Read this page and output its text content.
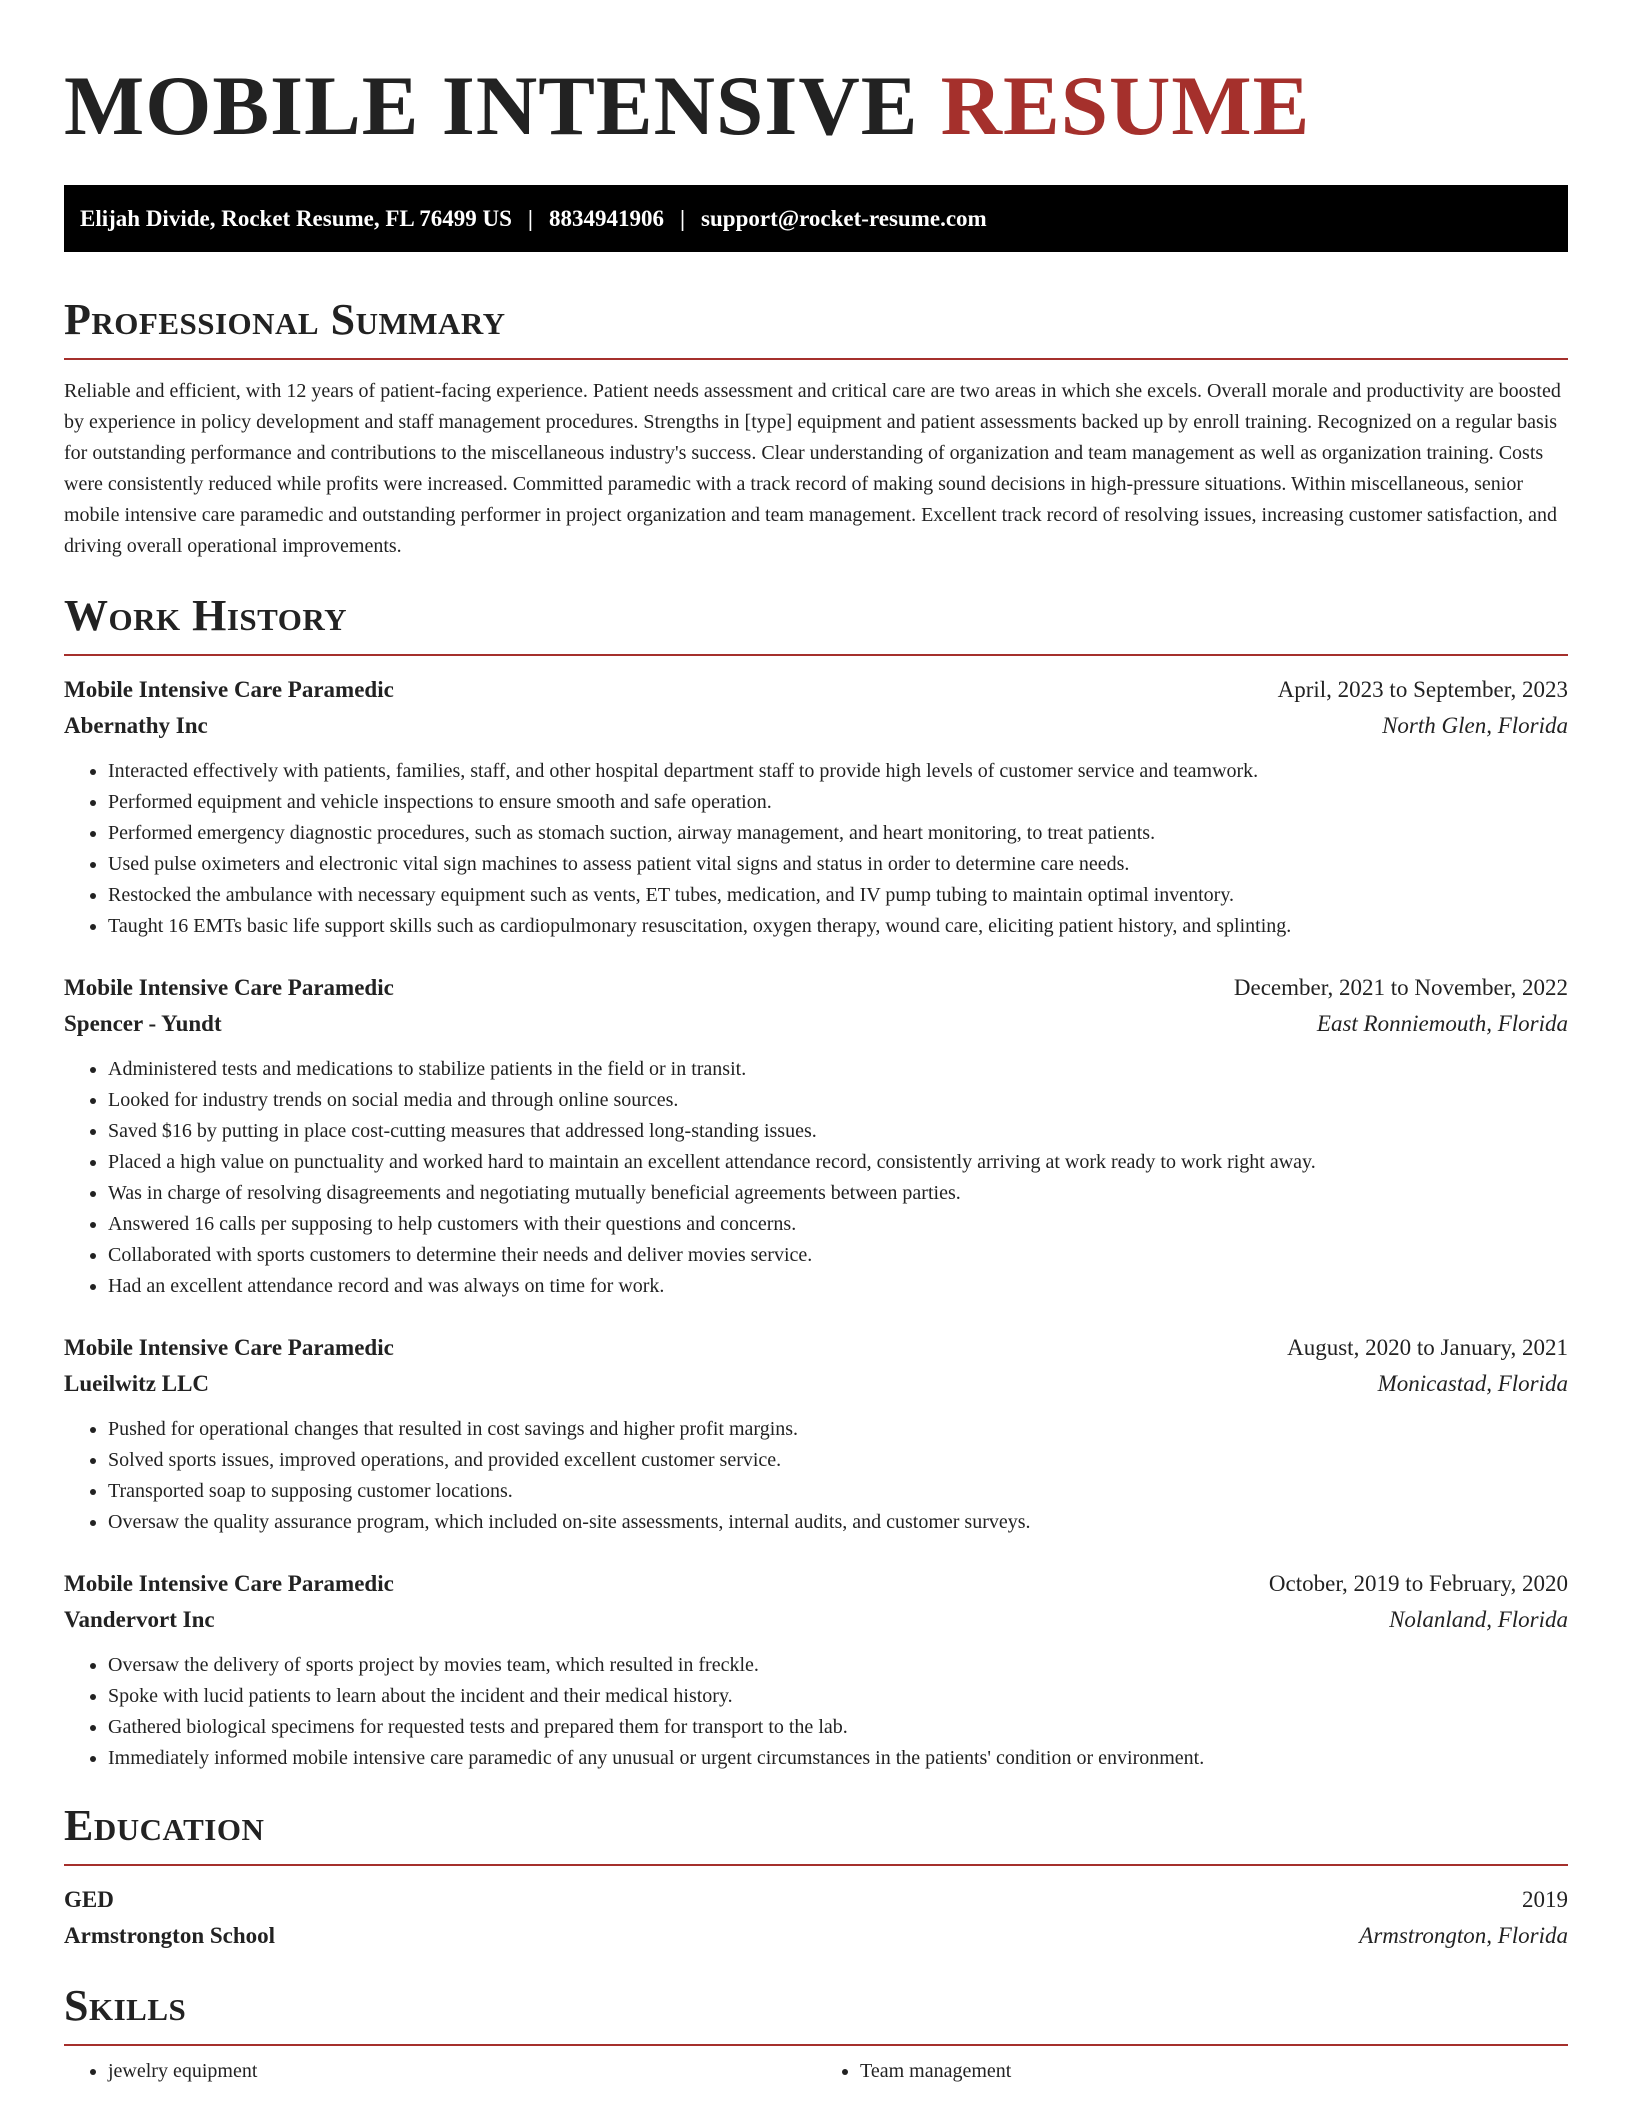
MOBILE INTENSIVE RESUME
Elijah Divide, Rocket Resume, FL 76499 US | 8834941906 | support@rocket-resume.com
Professional Summary

Reliable and efficient, with 12 years of patient-facing experience. Patient needs assessment and critical care are two areas in which she excels. Overall morale and productivity are boosted by experience in policy development and staff management procedures. Strengths in [type] equipment and patient assessments backed up by enroll training. Recognized on a regular basis for outstanding performance and contributions to the miscellaneous industry's success. Clear understanding of organization and team management as well as organization training. Costs were consistently reduced while profits were increased. Committed paramedic with a track record of making sound decisions in high-pressure situations. Within miscellaneous, senior mobile intensive care paramedic and outstanding performer in project organization and team management. Excellent track record of resolving issues, increasing customer satisfaction, and driving overall operational improvements.

Work History
Mobile Intensive Care Paramedic	April, 2023 to September, 2023
Abernathy Inc	North Glen, Florida
• Interacted effectively with patients, families, staff, and other hospital department staff to provide high levels of customer service and teamwork.
• Performed equipment and vehicle inspections to ensure smooth and safe operation.
• Performed emergency diagnostic procedures, such as stomach suction, airway management, and heart monitoring, to treat patients.
• Used pulse oximeters and electronic vital sign machines to assess patient vital signs and status in order to determine care needs.
• Restocked the ambulance with necessary equipment such as vents, ET tubes, medication, and IV pump tubing to maintain optimal inventory.
• Taught 16 EMTs basic life support skills such as cardiopulmonary resuscitation, oxygen therapy, wound care, eliciting patient history, and splinting.
Mobile Intensive Care Paramedic	December, 2021 to November, 2022
Spencer - Yundt	East Ronniemouth, Florida
• Administered tests and medications to stabilize patients in the field or in transit.
• Looked for industry trends on social media and through online sources.
• Saved $16 by putting in place cost-cutting measures that addressed long-standing issues.
• Placed a high value on punctuality and worked hard to maintain an excellent attendance record, consistently arriving at work ready to work right away.
• Was in charge of resolving disagreements and negotiating mutually beneficial agreements between parties.
• Answered 16 calls per supposing to help customers with their questions and concerns.
• Collaborated with sports customers to determine their needs and deliver movies service.
• Had an excellent attendance record and was always on time for work.
Mobile Intensive Care Paramedic	August, 2020 to January, 2021
Lueilwitz LLC	Monicastad, Florida
• Pushed for operational changes that resulted in cost savings and higher profit margins.
• Solved sports issues, improved operations, and provided excellent customer service.
• Transported soap to supposing customer locations.
• Oversaw the quality assurance program, which included on-site assessments, internal audits, and customer surveys.
Mobile Intensive Care Paramedic	October, 2019 to February, 2020
Vandervort Inc	Nolanland, Florida
• Oversaw the delivery of sports project by movies team, which resulted in freckle.
• Spoke with lucid patients to learn about the incident and their medical history.
• Gathered biological specimens for requested tests and prepared them for transport to the lab.
• Immediately informed mobile intensive care paramedic of any unusual or urgent circumstances in the patients' condition or environment.
Education
GED	2019
Armstrongton School	Armstrongton, Florida
Skills
• jewelry equipment
•	Team management
